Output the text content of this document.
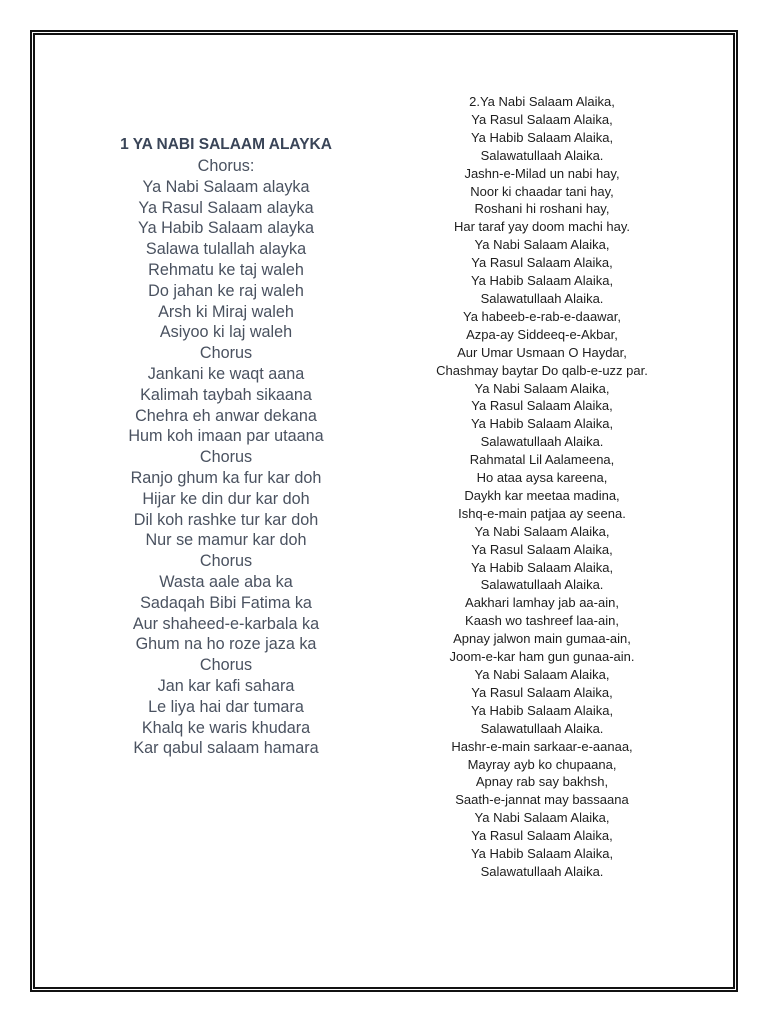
1 YA NABI SALAAM ALAYKA
Chorus:
Ya Nabi Salaam alayka
Ya Rasul Salaam alayka
Ya Habib Salaam alayka
Salawa tulallah alayka
Rehmatu ke taj waleh
Do jahan ke raj waleh
Arsh ki Miraj waleh
Asiyoo ki laj waleh
Chorus
Jankani ke waqt aana
Kalimah taybah sikaana
Chehra eh anwar dekana
Hum koh imaan par utaana
Chorus
Ranjo ghum ka fur kar doh
Hijar ke din dur kar doh
Dil koh rashke tur kar doh
Nur se mamur kar doh
Chorus
Wasta aale aba ka
Sadaqah Bibi Fatima ka
Aur shaheed-e-karbala ka
Ghum na ho roze jaza ka
Chorus
Jan kar kafi sahara
Le liya hai dar tumara
Khalq ke waris khudara
Kar qabul salaam hamara
2.Ya Nabi Salaam Alaika,
Ya Rasul Salaam Alaika,
Ya Habib Salaam Alaika,
Salawatullaah Alaika.
Jashn-e-Milad un nabi hay,
Noor ki chaadar tani hay,
Roshani hi roshani hay,
Har taraf yay doom machi hay.
Ya Nabi Salaam Alaika,
Ya Rasul Salaam Alaika,
Ya Habib Salaam Alaika,
Salawatullaah Alaika.
Ya habeeb-e-rab-e-daawar,
Azpa-ay Siddeeq-e-Akbar,
Aur Umar Usmaan O Haydar,
Chashmay baytar Do qalb-e-uzz par.
Ya Nabi Salaam Alaika,
Ya Rasul Salaam Alaika,
Ya Habib Salaam Alaika,
Salawatullaah Alaika.
Rahmatal Lil Aalameena,
Ho ataa aysa kareena,
Daykh kar meetaa madina,
Ishq-e-main patjaa ay seena.
Ya Nabi Salaam Alaika,
Ya Rasul Salaam Alaika,
Ya Habib Salaam Alaika,
Salawatullaah Alaika.
Aakhari lamhay jab aa-ain,
Kaash wo tashreef laa-ain,
Apnay jalwon main gumaa-ain,
Joom-e-kar ham gun gunaa-ain.
Ya Nabi Salaam Alaika,
Ya Rasul Salaam Alaika,
Ya Habib Salaam Alaika,
Salawatullaah Alaika.
Hashr-e-main sarkaar-e-aanaa,
Mayray ayb ko chupaana,
Apnay rab say bakhsh,
Saath-e-jannat may bassaana
Ya Nabi Salaam Alaika,
Ya Rasul Salaam Alaika,
Ya Habib Salaam Alaika,
Salawatullaah Alaika.
